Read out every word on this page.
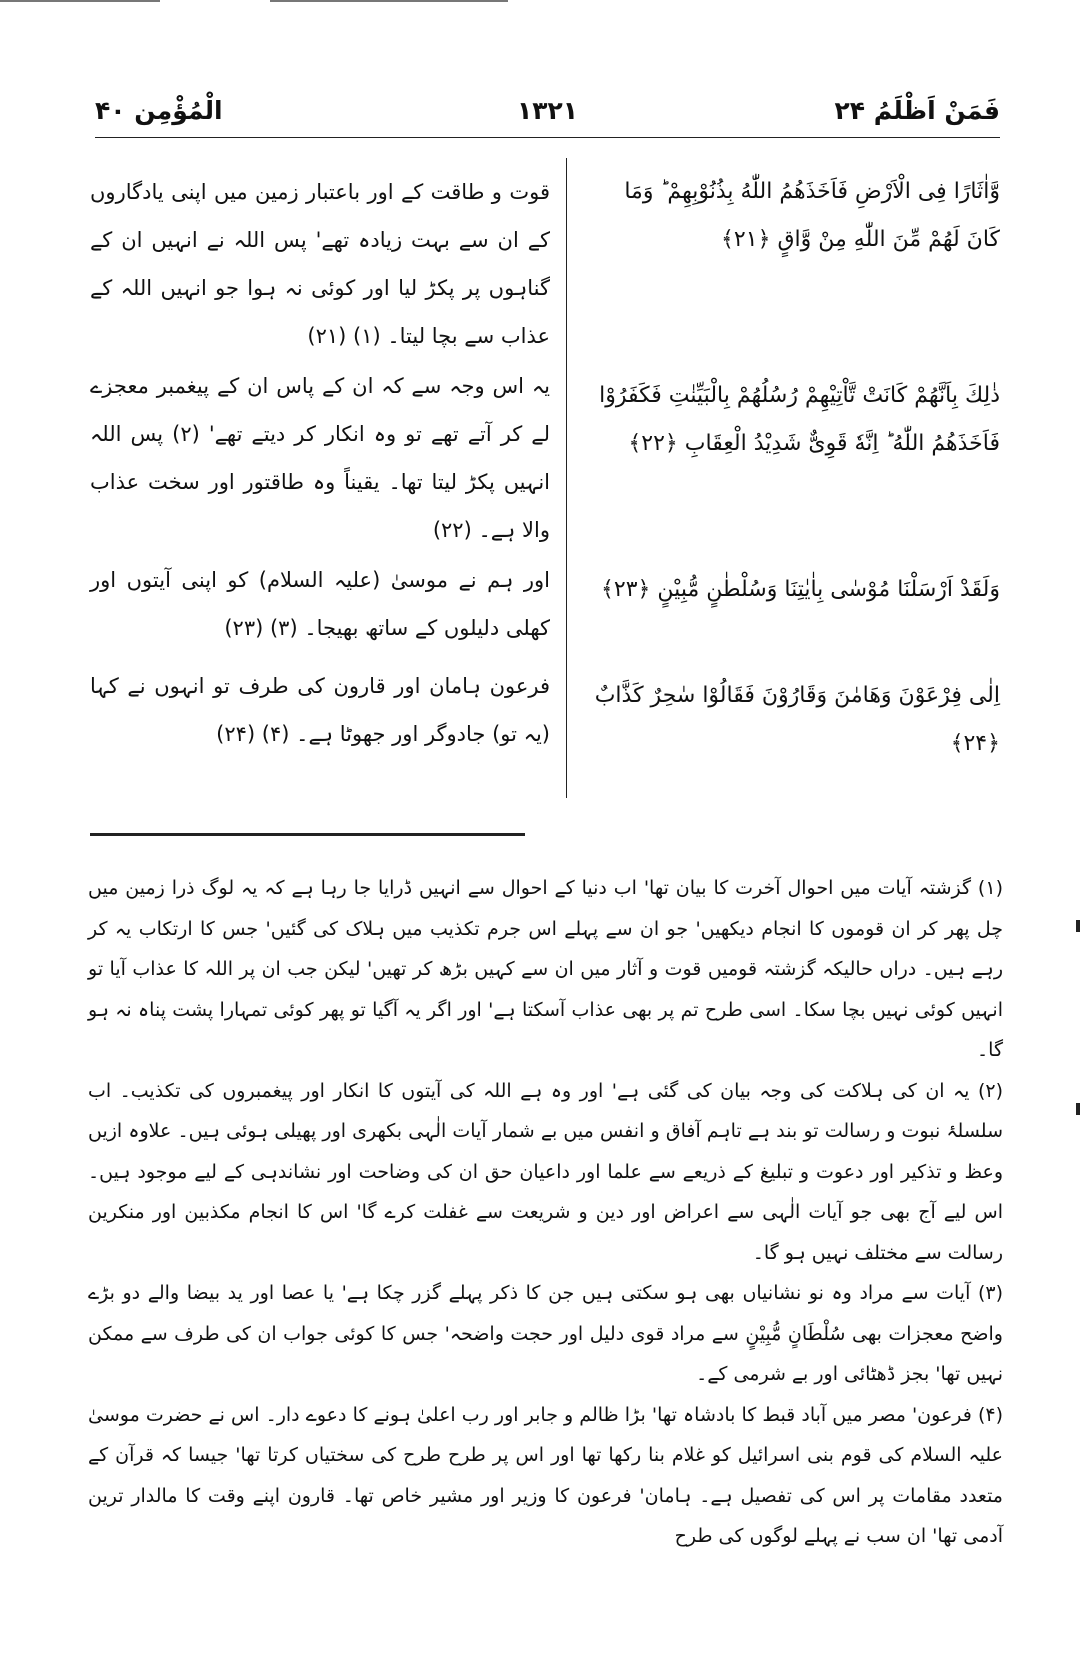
فَمَنْ اَظْلَمُ ۲۴
۱۳۲۱
الْمُؤْمِن ۴۰
وَّاٰثَارًا فِی الْاَرْضِ فَاَخَذَهُمُ اللّٰهُ بِذُنُوْبِهِمْ ؕ وَمَا كَانَ لَهُمْ مِّنَ اللّٰهِ مِنْ وَّاقٍ ﴿۲۱﴾
قوت و طاقت کے اور باعتبار زمین میں اپنی یادگاروں کے ان سے بہت زیادہ تھے' پس اللہ نے انہیں ان کے گناہوں پر پکڑ لیا اور کوئی نہ ہوا جو انہیں اللہ کے عذاب سے بچا لیتا۔ (۱) (۲۱)
ذٰلِكَ بِاَنَّهُمْ كَانَتْ تَّاْتِیْهِمْ رُسُلُهُمْ بِالْبَیِّنٰتِ فَكَفَرُوْا فَاَخَذَهُمُ اللّٰهُ ؕ اِنَّهٗ قَوِیٌّ شَدِیْدُ الْعِقَابِ ﴿۲۲﴾
یہ اس وجہ سے کہ ان کے پاس ان کے پیغمبر معجزے لے کر آتے تھے تو وہ انکار کر دیتے تھے' (۲) پس اللہ انہیں پکڑ لیتا تھا۔ یقیناً وہ طاقتور اور سخت عذاب والا ہے۔ (۲۲)
وَلَقَدْ اَرْسَلْنَا مُوْسٰی بِاٰیٰتِنَا وَسُلْطٰنٍ مُّبِیْنٍ ﴿۲۳﴾
اور ہم نے موسیٰ (علیہ السلام) کو اپنی آیتوں اور کھلی دلیلوں کے ساتھ بھیجا۔ (۳) (۲۳)
اِلٰی فِرْعَوْنَ وَهَامٰنَ وَقَارُوْنَ فَقَالُوْا سٰحِرٌ كَذَّابٌ ﴿۲۴﴾
فرعون ہامان اور قارون کی طرف تو انہوں نے کہا (یہ تو) جادوگر اور جھوٹا ہے۔ (۴) (۲۴)

(۱) گزشتہ آیات میں احوال آخرت کا بیان تھا' اب دنیا کے احوال سے انہیں ڈرایا جا رہا ہے کہ یہ لوگ ذرا زمین میں چل پھر کر ان قوموں کا انجام دیکھیں' جو ان سے پہلے اس جرم تکذیب میں ہلاک کی گئیں' جس کا ارتکاب یہ کر رہے ہیں۔ دراں حالیکہ گزشتہ قومیں قوت و آثار میں ان سے کہیں بڑھ کر تھیں' لیکن جب ان پر اللہ کا عذاب آیا تو انہیں کوئی نہیں بچا سکا۔ اسی طرح تم پر بھی عذاب آسکتا ہے' اور اگر یہ آگیا تو پھر کوئی تمہارا پشت پناہ نہ ہو گا۔

(۲) یہ ان کی ہلاکت کی وجہ بیان کی گئی ہے' اور وہ ہے اللہ کی آیتوں کا انکار اور پیغمبروں کی تکذیب۔ اب سلسلۂ نبوت و رسالت تو بند ہے تاہم آفاق و انفس میں بے شمار آیات الٰہی بکھری اور پھیلی ہوئی ہیں۔ علاوہ ازیں وعظ و تذکیر اور دعوت و تبلیغ کے ذریعے سے علما اور داعیان حق ان کی وضاحت اور نشاندہی کے لیے موجود ہیں۔ اس لیے آج بھی جو آیات الٰہی سے اعراض اور دین و شریعت سے غفلت کرے گا' اس کا انجام مکذبین اور منکرین رسالت سے مختلف نہیں ہو گا۔

(۳) آیات سے مراد وہ نو نشانیاں بھی ہو سکتی ہیں جن کا ذکر پہلے گزر چکا ہے' یا عصا اور ید بیضا والے دو بڑے واضح معجزات بھی سُلْطَانٍ مُّبِیْنٍ سے مراد قوی دلیل اور حجت واضحہ' جس کا کوئی جواب ان کی طرف سے ممکن نہیں تھا' بجز ڈھٹائی اور بے شرمی کے۔

(۴) فرعون' مصر میں آباد قبط کا بادشاہ تھا' بڑا ظالم و جابر اور رب اعلیٰ ہونے کا دعوے دار۔ اس نے حضرت موسیٰ علیہ السلام کی قوم بنی اسرائیل کو غلام بنا رکھا تھا اور اس پر طرح طرح کی سختیاں کرتا تھا' جیسا کہ قرآن کے متعدد مقامات پر اس کی تفصیل ہے۔ ہامان' فرعون کا وزیر اور مشیر خاص تھا۔ قارون اپنے وقت کا مالدار ترین آدمی تھا' ان سب نے پہلے لوگوں کی طرح
